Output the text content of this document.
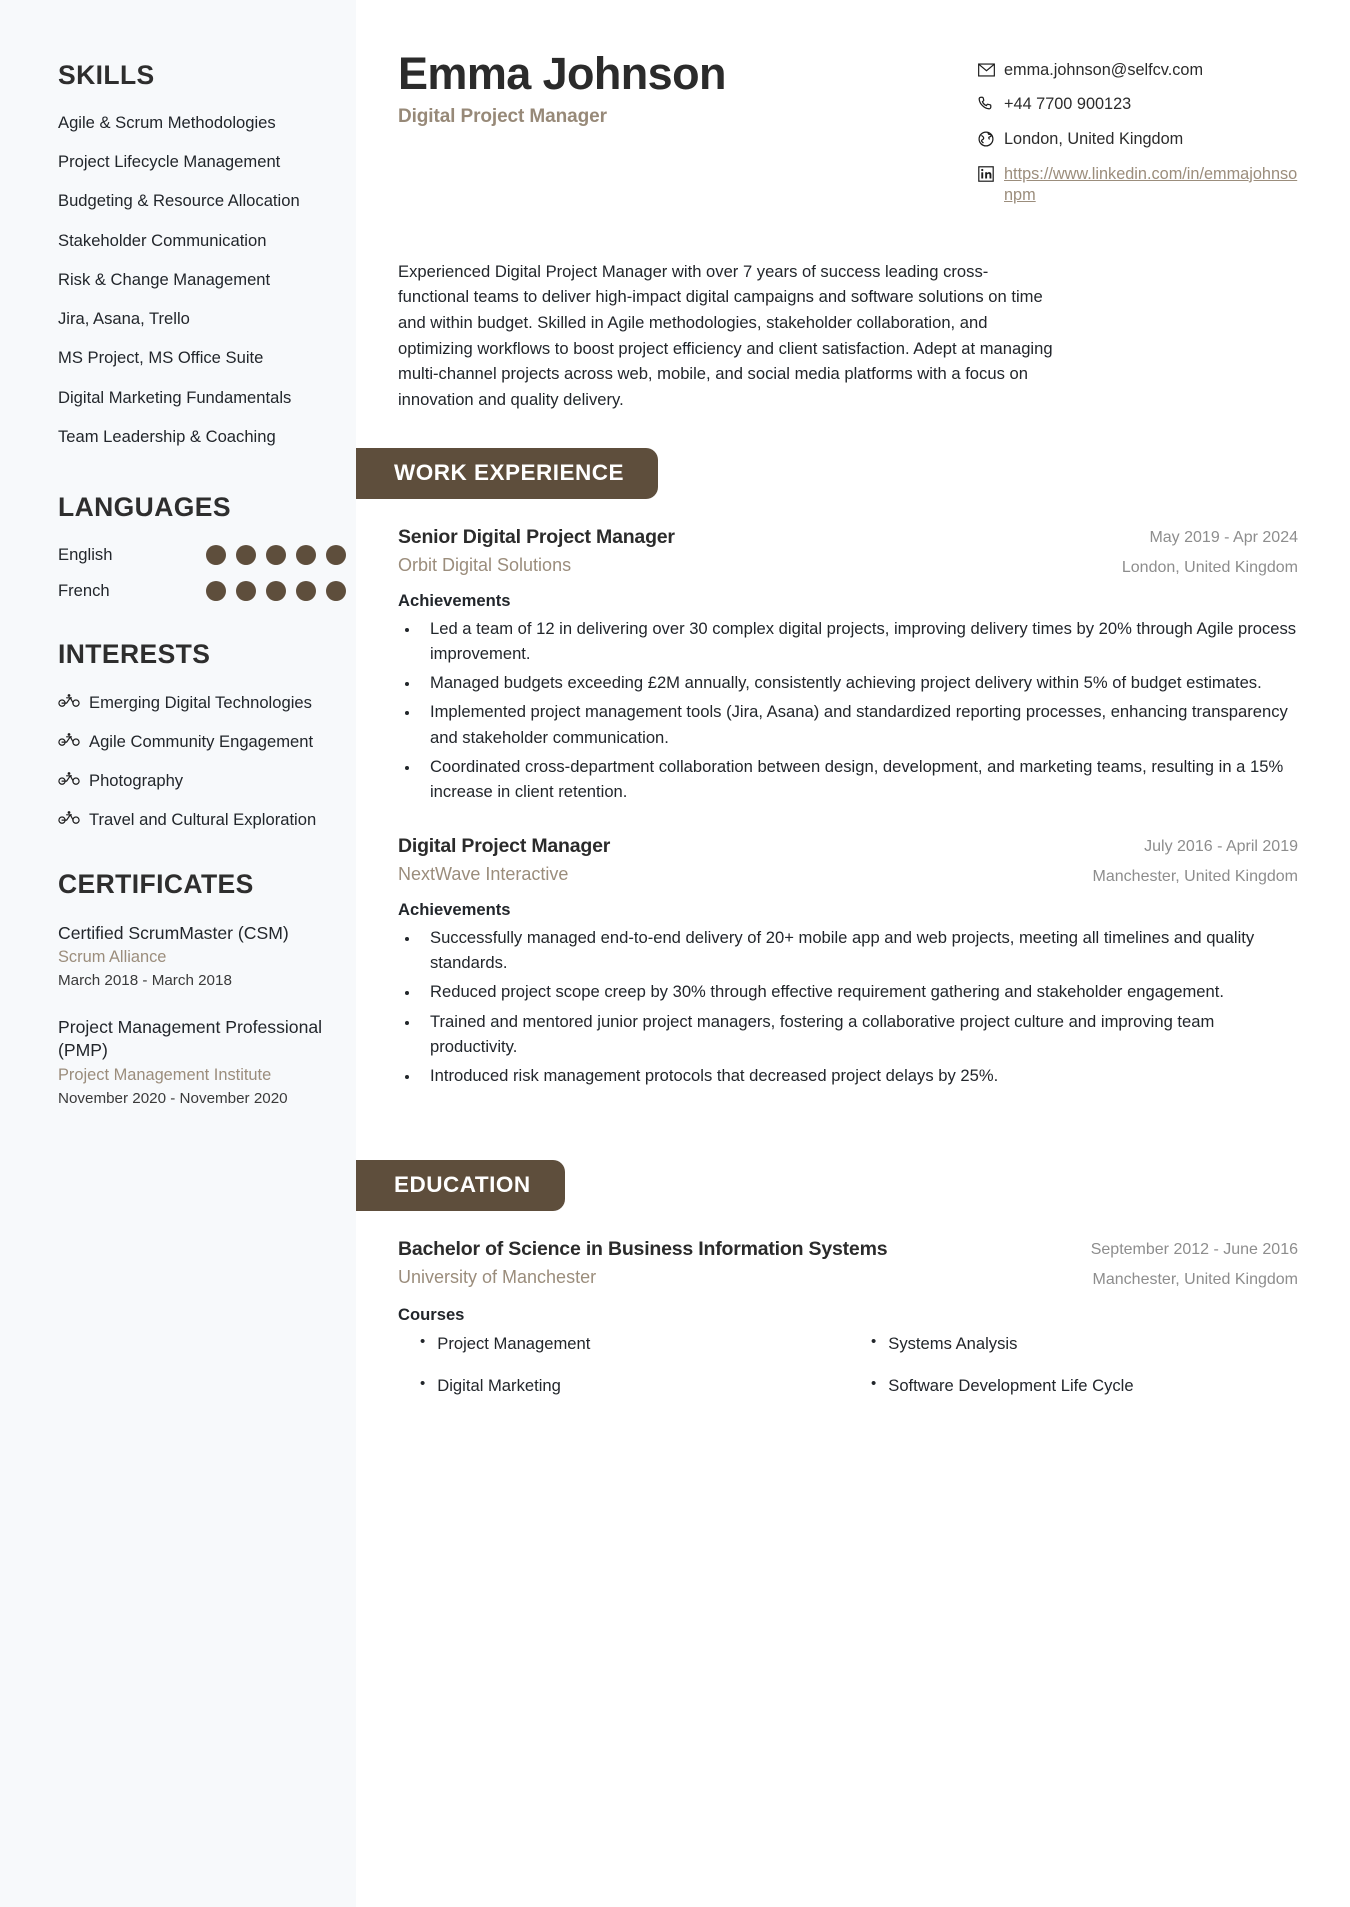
SKILLS
Agile & Scrum Methodologies
Project Lifecycle Management
Budgeting & Resource Allocation
Stakeholder Communication
Risk & Change Management
Jira, Asana, Trello
MS Project, MS Office Suite
Digital Marketing Fundamentals
Team Leadership & Coaching
LANGUAGES
English
French
INTERESTS
Emerging Digital Technologies
Agile Community Engagement
Photography
Travel and Cultural Exploration
CERTIFICATES
Certified ScrumMaster (CSM)
Scrum Alliance
March 2018 - March 2018
Project Management Professional (PMP)
Project Management Institute
November 2020 - November 2020
Emma Johnson
Digital Project Manager
emma.johnson@selfcv.com
+44 7700 900123
London, United Kingdom
https://www.linkedin.com/in/emmajohnsonpm

Experienced Digital Project Manager with over 7 years of success leading cross-functional teams to deliver high-impact digital campaigns and software solutions on time and within budget. Skilled in Agile methodologies, stakeholder collaboration, and optimizing workflows to boost project efficiency and client satisfaction. Adept at managing multi-channel projects across web, mobile, and social media platforms with a focus on innovation and quality delivery.

WORK EXPERIENCE
Senior Digital Project Manager
Orbit Digital Solutions
May 2019 - Apr 2024
London, United Kingdom
Achievements
• Led a team of 12 in delivering over 30 complex digital projects, improving delivery times by 20% through Agile process improvement.
• Managed budgets exceeding £2M annually, consistently achieving project delivery within 5% of budget estimates.
• Implemented project management tools (Jira, Asana) and standardized reporting processes, enhancing transparency and stakeholder communication.
• Coordinated cross-department collaboration between design, development, and marketing teams, resulting in a 15% increase in client retention.
Digital Project Manager
NextWave Interactive
July 2016 - April 2019
Manchester, United Kingdom
Achievements
• Successfully managed end-to-end delivery of 20+ mobile app and web projects, meeting all timelines and quality standards.
• Reduced project scope creep by 30% through effective requirement gathering and stakeholder engagement.
• Trained and mentored junior project managers, fostering a collaborative project culture and improving team productivity.
• Introduced risk management protocols that decreased project delays by 25%.
EDUCATION
Bachelor of Science in Business Information Systems
University of Manchester
September 2012 - June 2016
Manchester, United Kingdom
Courses
• Project Management	• Systems Analysis
• Digital Marketing	• Software Development Life Cycle
